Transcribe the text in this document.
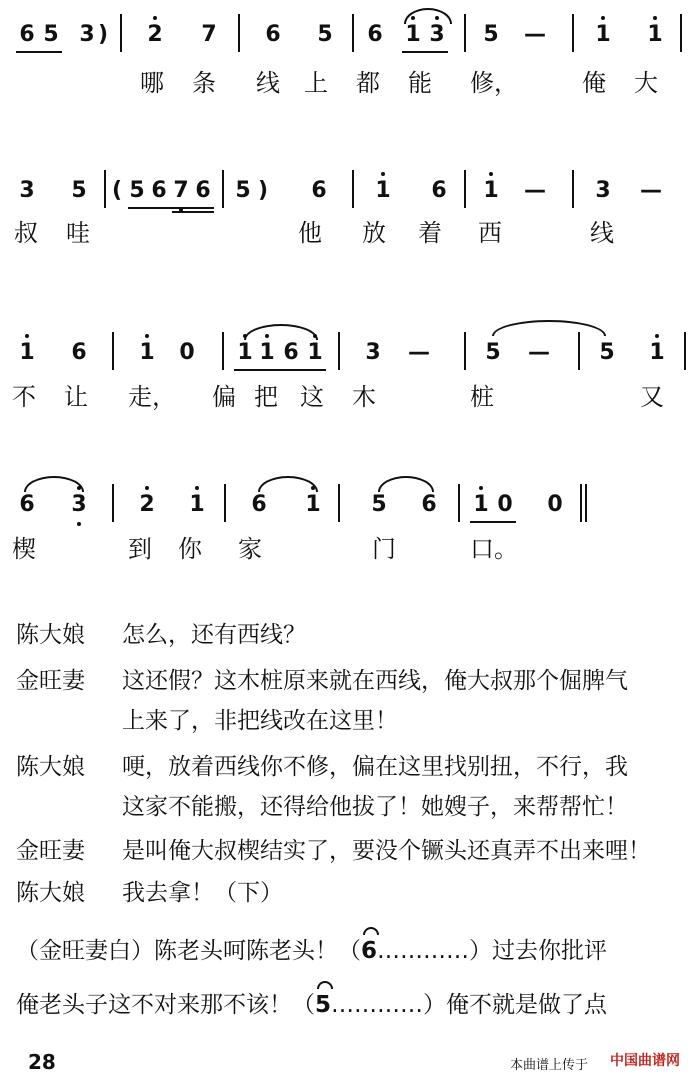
6 5 3 ) 2 7 6 5 6 1 3 5 — 1 1
哪 条 线 上 都 能 修，	俺 大
3 5 ( 5 6 7 6 5 ) 6 1 6 1 — 3 —
叔 哇	他 放 着 西	线
1 6 1 0 1 1 6 1 3 —	5 — 5 1
不 让 走， 偏 把 这 木	桩	又
6 3 2 1 6 1 5 6 1 0 0
楔	到 你 家	门	口。
陈大娘 怎么，还有西线？
金旺妻 这还假？这木桩原来就在西线，俺大叔那个倔脾气
上来了，非把线改在这里！
陈大娘 哽，放着西线你不修，偏在这里找别扭，不行，我
这家不能搬，还得给他拔了！她嫂子，来帮帮忙！
金旺妻 是叫俺大叔楔结实了，要没个镢头还真弄不出来哩！
陈大娘 我去拿！（下）
（金旺妻白）陈老头呵陈老头！（6…………）过去你批评
俺老头子这不对来那不该！（5…………）俺不就是做了点
28	本曲谱上传于 中国曲谱网
